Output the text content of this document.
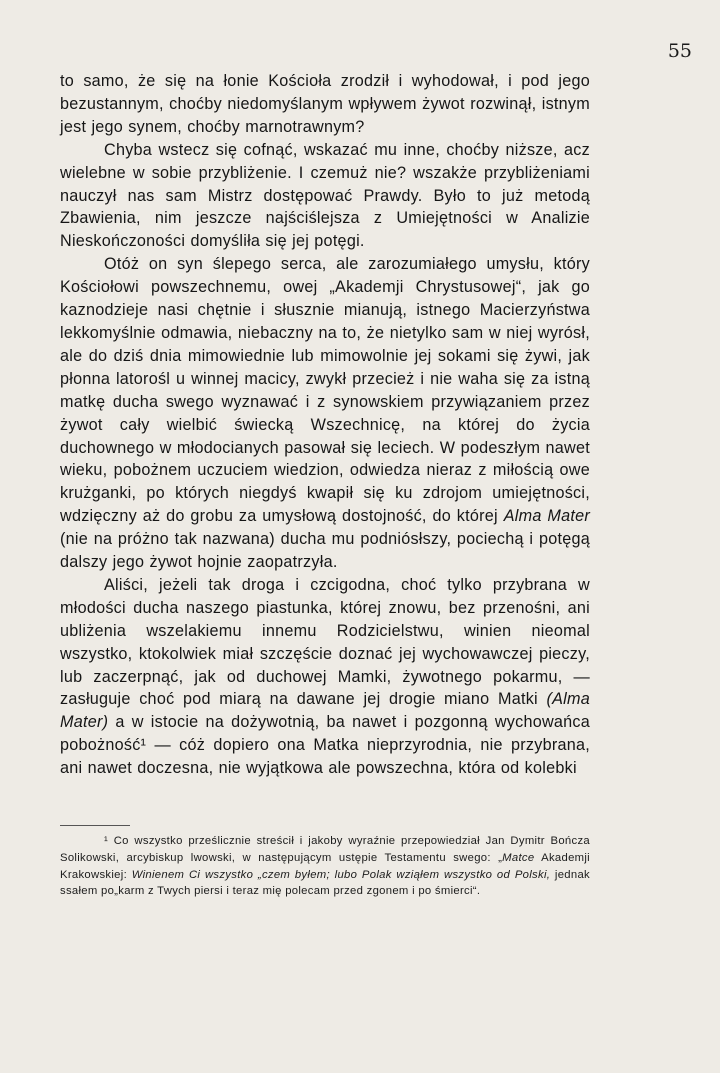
55

to samo, że się na łonie Kościoła zrodził i wyhodował, i pod jego bezustannym, choćby niedomyślanym wpływem żywot rozwinął, istnym jest jego synem, choćby marnotrawnym?

Chyba wstecz się cofnąć, wskazać mu inne, choćby niższe, acz wielebne w sobie przybliżenie. I czemuż nie? wszakże przybliżeniami nauczył nas sam Mistrz dostępować Prawdy. Było to już metodą Zbawienia, nim jeszcze najściślejsza z Umiejętności w Analizie Nieskończoności domyśliła się jej potęgi.

Otóż on syn ślepego serca, ale zarozumiałego umysłu, który Kościołowi powszechnemu, owej „Akademji Chrystusowej“, jak go kaznodzieje nasi chętnie i słusznie mianują, istnego Macierzyństwa lekkomyślnie odmawia, niebaczny na to, że nietylko sam w niej wyrósł, ale do dziś dnia mimowiednie lub mimowolnie jej sokami się żywi, jak płonna latorośl u winnej macicy, zwykł przecież i nie waha się za istną matkę ducha swego wyznawać i z synowskiem przywiązaniem przez żywot cały wielbić świecką Wszechnicę, na której do życia duchownego w młodocianych pasował się leciech. W podeszłym nawet wieku, pobożnem uczuciem wiedzion, odwiedza nieraz z miłością owe krużganki, po których niegdyś kwapił się ku zdrojom umiejętności, wdzięczny aż do grobu za umysłową dostojność, do której Alma Mater (nie na próżno tak nazwana) ducha mu podniósłszy, pociechą i potęgą dalszy jego żywot hojnie zaopatrzyła.

Aliści, jeżeli tak droga i czcigodna, choć tylko przybrana w młodości ducha naszego piastunka, której znowu, bez przenośni, ani ubliżenia wszelakiemu innemu Rodzicielstwu, winien nieomal wszystko, ktokolwiek miał szczęście doznać jej wychowawczej pieczy, lub zaczerpnąć, jak od duchowej Mamki, żywotnego pokarmu, — zasługuje choć pod miarą na dawane jej drogie miano Matki (Alma Mater) a w istocie na dożywotnią, ba nawet i pozgonną wychowańca pobożność¹ — cóż dopiero ona Matka nieprzyrodnia, nie przybrana, ani nawet doczesna, nie wyjątkowa ale powszechna, która od kolebki

¹ Co wszystko prześlicznie streścił i jakoby wyraźnie przepowiedział Jan Dymitr Bończa Solikowski, arcybiskup lwowski, w następującym ustępie Testamentu swego: „Matce Akademji Krakowskiej: Winienem Ci wszystko „czem byłem; lubo Polak wziąłem wszystko od Polski, jednak ssałem po„karm z Twych piersi i teraz mię polecam przed zgonem i po śmierci“.
